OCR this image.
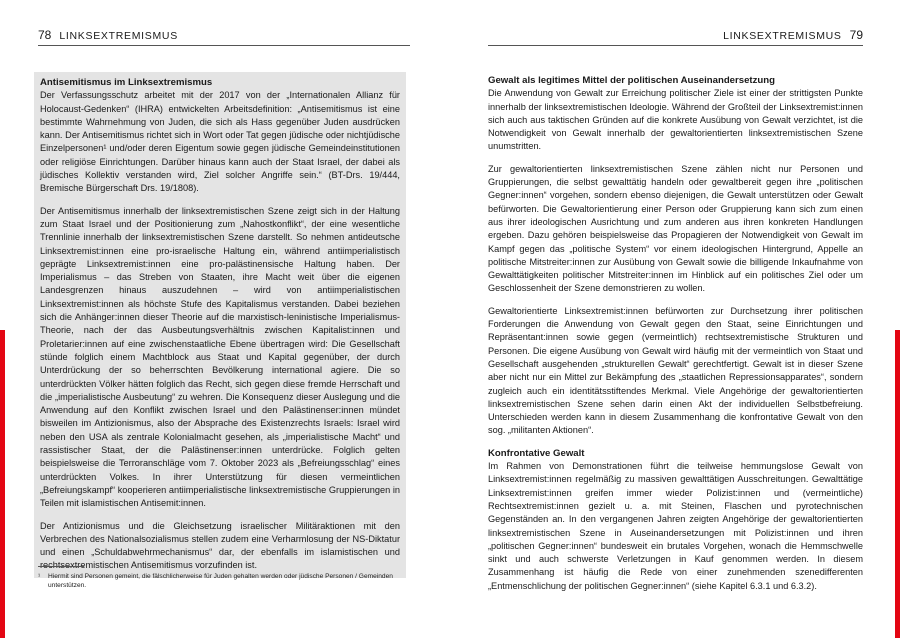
78 LINKSEXTREMISMUS
Antisemitismus im Linksextremismus

Der Verfassungsschutz arbeitet mit der 2017 von der „Internationalen Allianz für Holocaust-Gedenken“ (IHRA) entwickelten Arbeitsdefinition: „Antisemitismus ist eine bestimmte Wahrnehmung von Juden, die sich als Hass gegenüber Juden ausdrücken kann. Der Antisemitismus richtet sich in Wort oder Tat gegen jüdische oder nichtjüdische Einzelpersonen¹ und/oder deren Eigentum sowie gegen jüdische Gemeindeinstitutionen oder religiöse Einrichtungen. Darüber hinaus kann auch der Staat Israel, der dabei als jüdisches Kollektiv verstanden wird, Ziel solcher Angriffe sein.“ (BT-Drs. 19/444, Bremische Bürgerschaft Drs. 19/1808).

Der Antisemitismus innerhalb der linksextremistischen Szene zeigt sich in der Haltung zum Staat Israel und der Positionierung zum „Nahostkonflikt“, der eine wesentliche Trennlinie innerhalb der linksextremistischen Szene darstellt. So nehmen antideutsche Linksextremist:innen eine pro-israelische Haltung ein, während antiimperialistisch geprägte Linksextremist:innen eine pro-palästinensische Haltung haben. Der Imperialismus – das Streben von Staaten, ihre Macht weit über die eigenen Landesgrenzen hinaus auszudehnen – wird von antiimperialistischen Linksextremist:innen als höchste Stufe des Kapitalismus verstanden. Dabei beziehen sich die Anhänger:innen dieser Theorie auf die marxistisch-leninistische Imperialismus-Theorie, nach der das Ausbeutungsverhältnis zwischen Kapitalist:innen und Proletarier:innen auf eine zwischenstaatliche Ebene übertragen wird: Die Gesellschaft stünde folglich einem Machtblock aus Staat und Kapital gegenüber, der durch Unterdrückung der so beherrschten Bevölkerung international agiere. Die so unterdrückten Völker hätten folglich das Recht, sich gegen diese fremde Herrschaft und die „imperialistische Ausbeutung“ zu wehren. Die Konsequenz dieser Auslegung und die Anwendung auf den Konflikt zwischen Israel und den Palästinenser:innen mündet bisweilen im Antizionismus, also der Absprache des Existenzrechts Israels: Israel wird neben den USA als zentrale Kolonialmacht gesehen, als „imperialistische Macht“ und rassistischer Staat, der die Palästinenser:innen unterdrücke. Folglich gelten beispielsweise die Terroranschläge vom 7. Oktober 2023 als „Befreiungsschlag“ eines unterdrückten Volkes. In ihrer Unterstützung für diesen vermeintlichen „Befreiungskampf“ kooperieren antiimperialistische linksextremistische Gruppierungen in Teilen mit islamistischen Antisemit:innen.

Der Antizionismus und die Gleichsetzung israelischer Militäraktionen mit den Verbrechen des Nationalsozialismus stellen zudem eine Verharmlosung der NS-Diktatur und einen „Schuldabwehrmechanismus“ dar, der ebenfalls im islamistischen und rechtsextremistischen Antisemitismus vorzufinden ist.

¹	Hiermit sind Personen gemeint, die fälschlicherweise für Juden gehalten werden oder jüdische Personen / Gemeinden unterstützen.
LINKSEXTREMISMUS 79
Gewalt als legitimes Mittel der politischen Auseinandersetzung

Die Anwendung von Gewalt zur Erreichung politischer Ziele ist einer der strittigsten Punkte innerhalb der linksextremistischen Ideologie. Während der Großteil der Linksextremist:innen sich auch aus taktischen Gründen auf die konkrete Ausübung von Gewalt verzichtet, ist die Notwendigkeit von Gewalt innerhalb der gewaltorientierten linksextremistischen Szene unumstritten.

Zur gewaltorientierten linksextremistischen Szene zählen nicht nur Personen und Gruppierungen, die selbst gewalttätig handeln oder gewaltbereit gegen ihre „politischen Gegner:innen“ vorgehen, sondern ebenso diejenigen, die Gewalt unterstützen oder Gewalt befürworten. Die Gewaltorientierung einer Person oder Gruppierung kann sich zum einen aus ihrer ideologischen Ausrichtung und zum anderen aus ihren konkreten Handlungen ergeben. Dazu gehören beispielsweise das Propagieren der Notwendigkeit von Gewalt im Kampf gegen das „politische System“ vor einem ideologischen Hintergrund, Appelle an politische Mitstreiter:innen zur Ausübung von Gewalt sowie die billigende Inkaufnahme von Gewalttätigkeiten politischer Mitstreiter:innen im Hinblick auf ein politisches Ziel oder um Geschlossenheit der Szene demonstrieren zu wollen.

Gewaltorientierte Linksextremist:innen befürworten zur Durchsetzung ihrer politischen Forderungen die Anwendung von Gewalt gegen den Staat, seine Einrichtungen und Repräsentant:innen sowie gegen (vermeintlich) rechtsextremistische Strukturen und Personen. Die eigene Ausübung von Gewalt wird häufig mit der vermeintlich von Staat und Gesellschaft ausgehenden „strukturellen Gewalt“ gerechtfertigt. Gewalt ist in dieser Szene aber nicht nur ein Mittel zur Bekämpfung des „staatlichen Repressionsapparates“, sondern zugleich auch ein identitätsstiftendes Merkmal. Viele Angehörige der gewaltorientierten linksextremistischen Szene sehen darin einen Akt der individuellen Selbstbefreiung. Unterschieden werden kann in diesem Zusammenhang die konfrontative Gewalt von den sog. „militanten Aktionen“.

Konfrontative Gewalt

Im Rahmen von Demonstrationen führt die teilweise hemmungslose Gewalt von Linksextremist:innen regelmäßig zu massiven gewalttätigen Ausschreitungen. Gewalttätige Linksextremist:innen greifen immer wieder Polizist:innen und (vermeintliche) Rechtsextremist:innen gezielt u. a. mit Steinen, Flaschen und pyrotechnischen Gegenständen an. In den vergangenen Jahren zeigten Angehörige der gewaltorientierten linksextremistischen Szene in Auseinandersetzungen mit Polizist:innen und ihren „politischen Gegner:innen“ bundesweit ein brutales Vorgehen, wonach die Hemmschwelle sinkt und auch schwerste Verletzungen in Kauf genommen werden. In diesem Zusammenhang ist häufig die Rede von einer zunehmenden szenedifferenten „Entmenschlichung der politischen Gegner:innen“ (siehe Kapitel 6.3.1 und 6.3.2).
